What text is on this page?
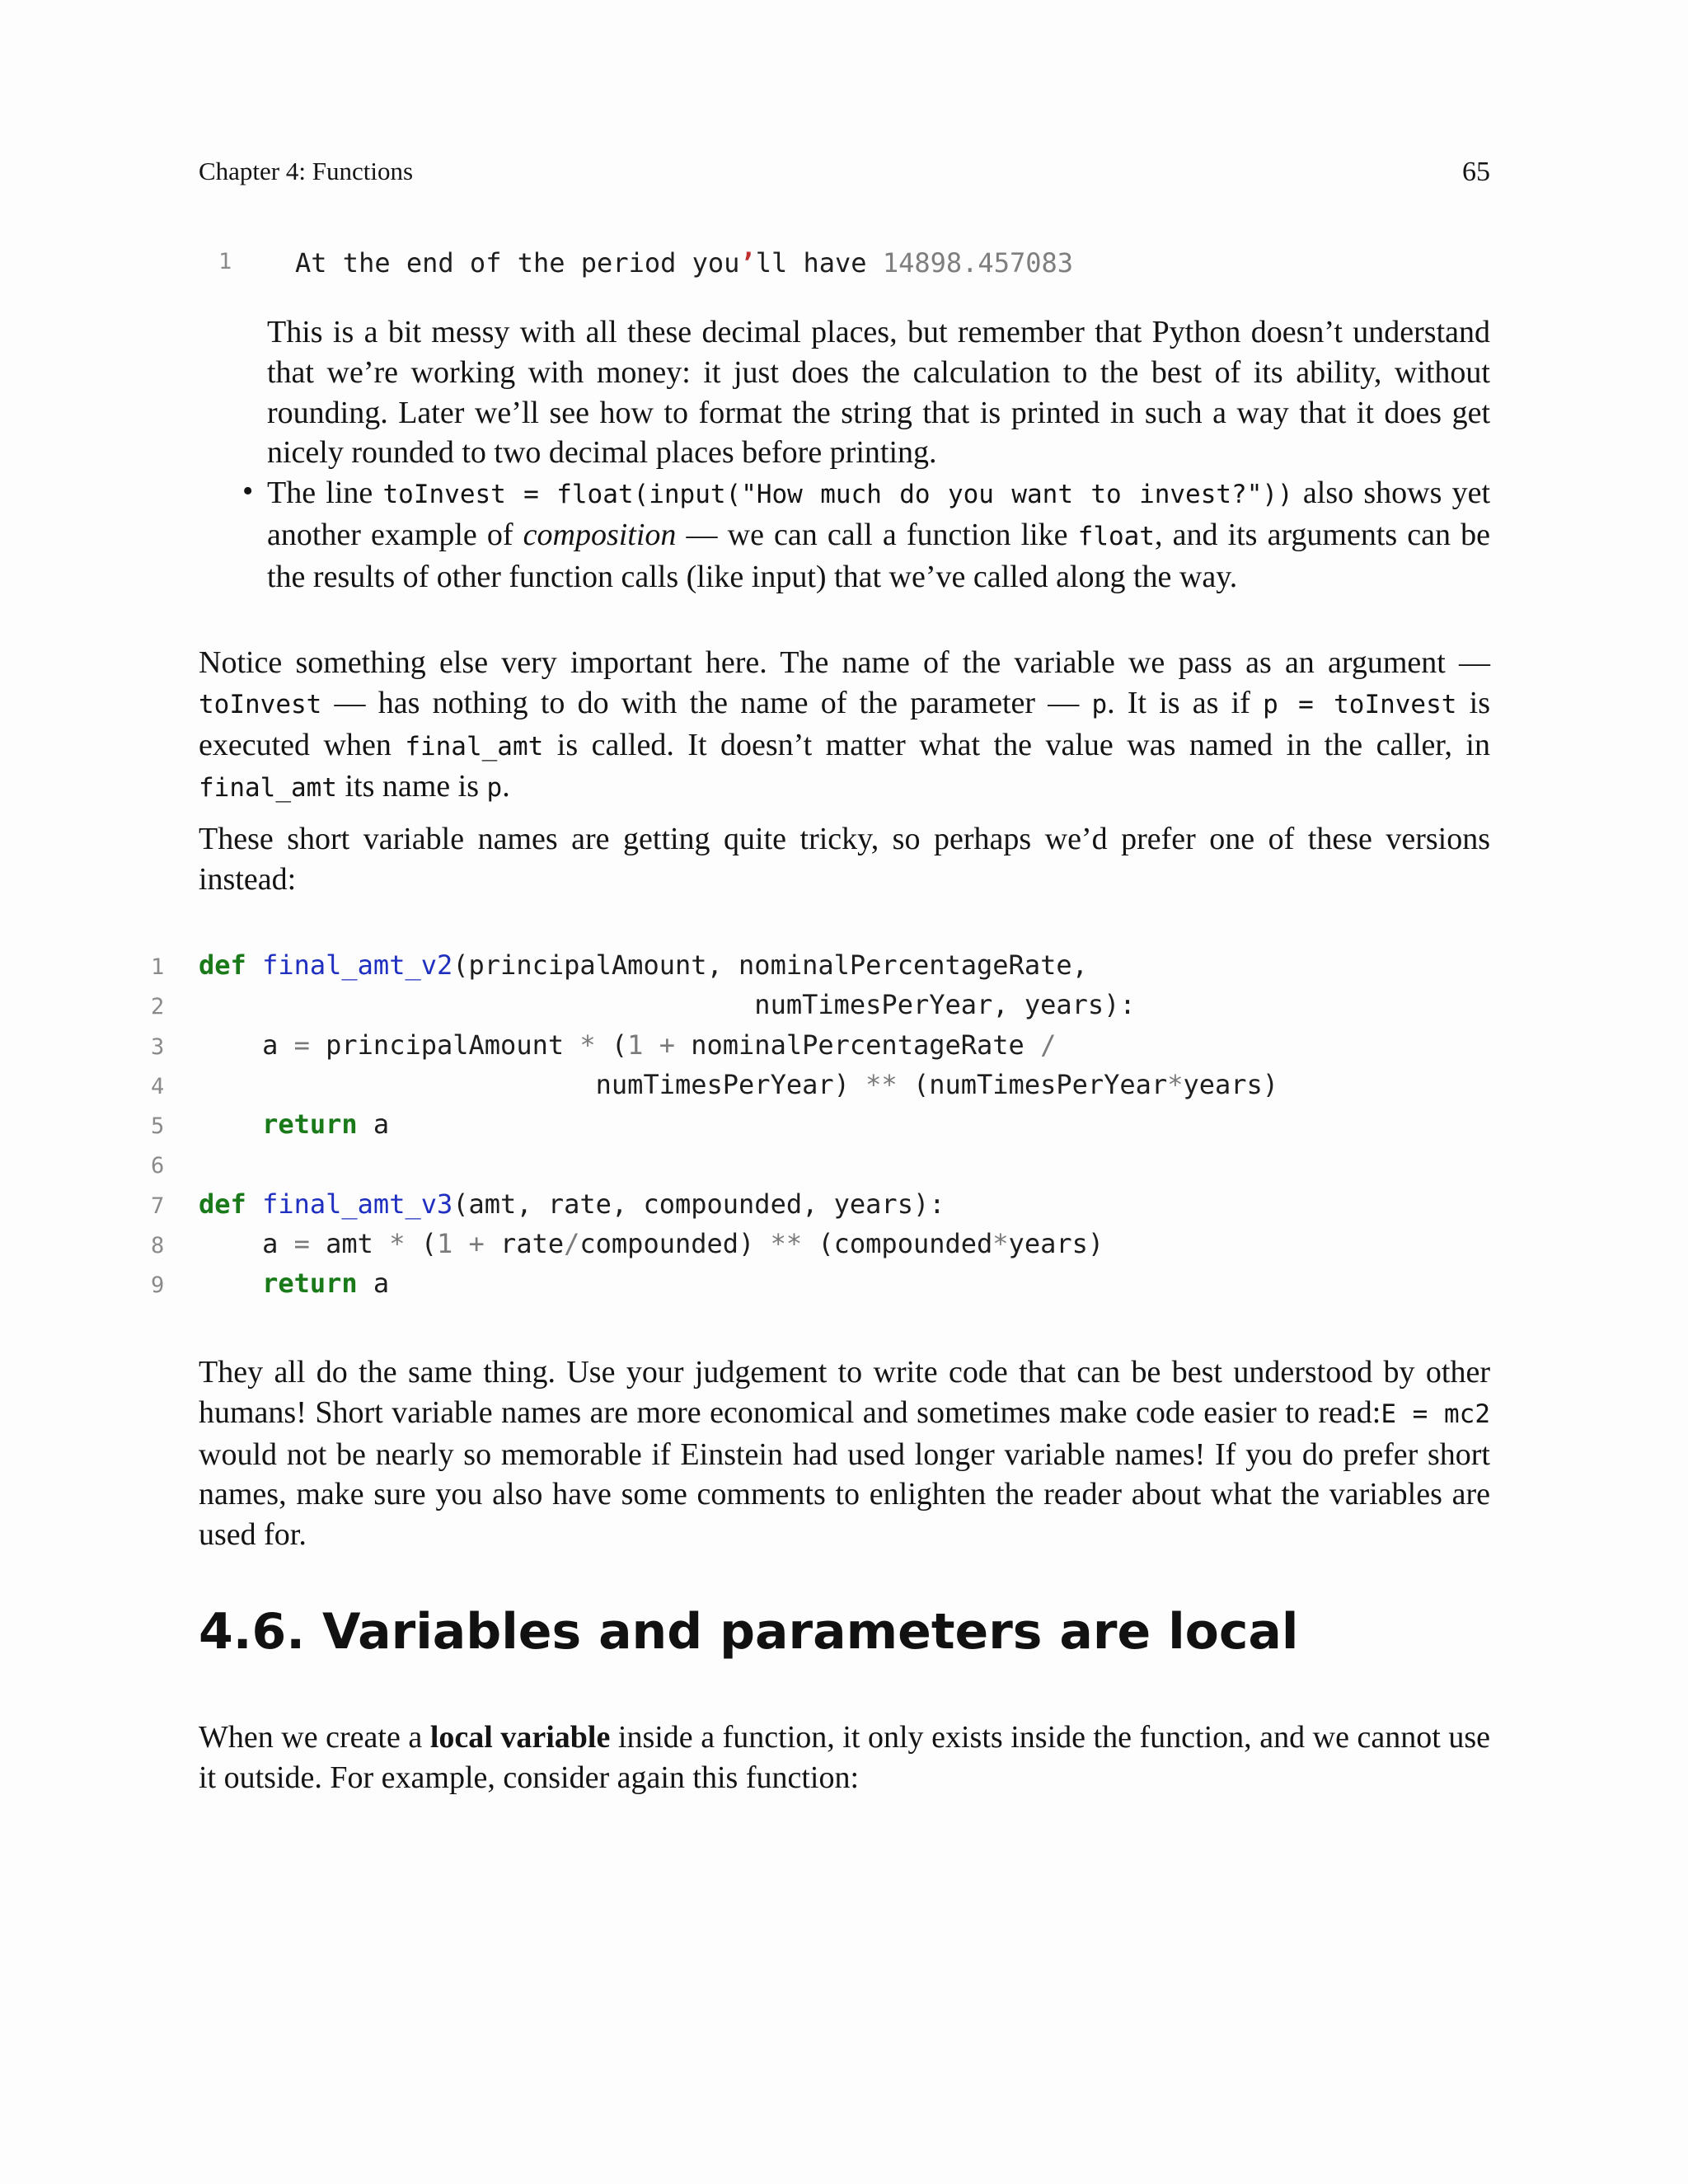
Chapter 4: Functions	65
1 At the end of the period you’ll have 14898.457083

This is a bit messy with all these decimal places, but remember that Python doesn’t understand that we’re working with money: it just does the calculation to the best of its ability, without rounding. Later we’ll see how to format the string that is printed in such a way that it does get nicely rounded to two decimal places before printing.

• The line toInvest = float(input("How much do you want to invest?")) also shows yet another example of composition — we can call a function like float, and its arguments can be the results of other function calls (like input) that we’ve called along the way.

Notice something else very important here. The name of the variable we pass as an argument — toInvest — has nothing to do with the name of the parameter — p. It is as if p = toInvest is executed when final_amt is called. It doesn’t matter what the value was named in the caller, in final_amt its name is p.

These short variable names are getting quite tricky, so perhaps we’d prefer one of these versions instead:

1	def final_amt_v2(principalAmount, nominalPercentageRate,
2	numTimesPerYear, years):
3	a = principalAmount * (1 + nominalPercentageRate /
4	numTimesPerYear) ** (numTimesPerYear*years)
5	return a
6
7	def final_amt_v3(amt, rate, compounded, years):
8	a = amt * (1 + rate/compounded) ** (compounded*years)
9	return a

They all do the same thing. Use your judgement to write code that can be best understood by other humans! Short variable names are more economical and sometimes make code easier to read:E = mc2 would not be nearly so memorable if Einstein had used longer variable names! If you do prefer short names, make sure you also have some comments to enlighten the reader about what the variables are used for.

4.6. Variables and parameters are local

When we create a local variable inside a function, it only exists inside the function, and we cannot use it outside. For example, consider again this function:
